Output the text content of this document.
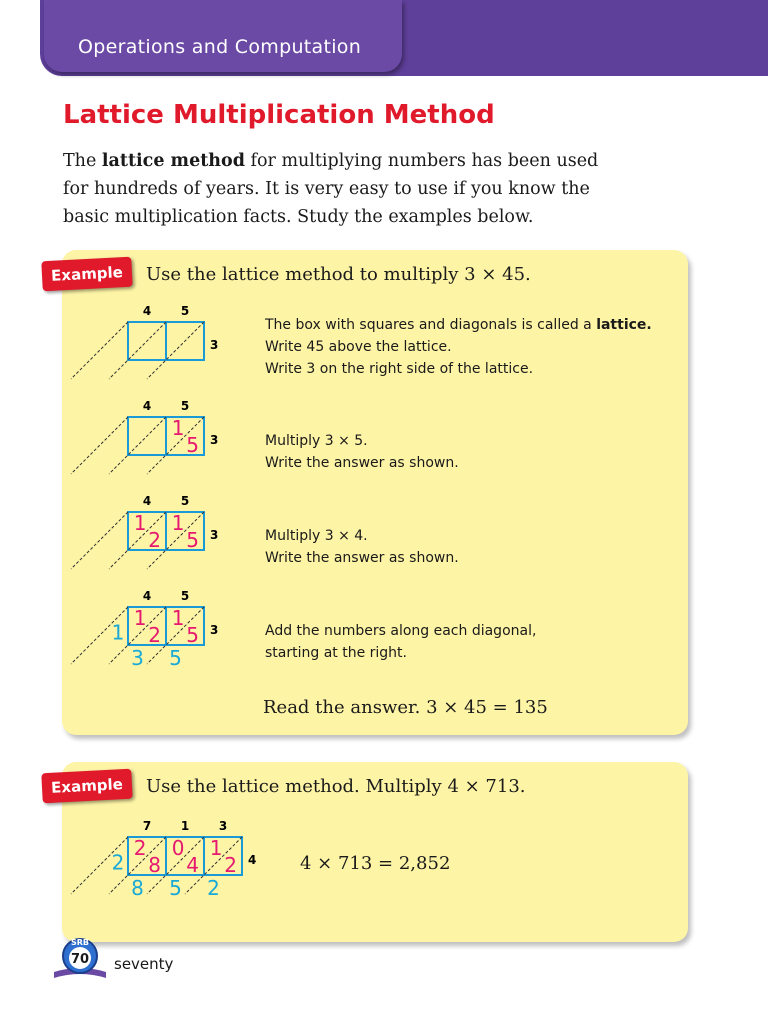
Operations and Computation
Lattice Multiplication Method

The lattice method for multiplying numbers has been used

for hundreds of years. It is very easy to use if you know the

basic multiplication facts. Study the examples below.

Example	Use the lattice method to multiply 3 × 45.
4 5
3
The box with squares and diagonals is called a lattice.
Write 45 above the lattice.
Write 3 on the right side of the lattice.
4 5
3
1
5	Multiply 3 × 5.
Write the answer as shown.
4 5
3
1 1
2 5	Multiply 3 × 4.
Write the answer as shown.
4 5
3
1 1
2 5
1
3 5
Add the numbers along each diagonal,
starting at the right.
Read the answer. 3 × 45 = 135
Example	Use the lattice method. Multiply 4 × 713.
7 1 3
4
2 0 1
8 4 2
2
8 5 2
4 × 713 = 2,852
SRB
70 seventy
